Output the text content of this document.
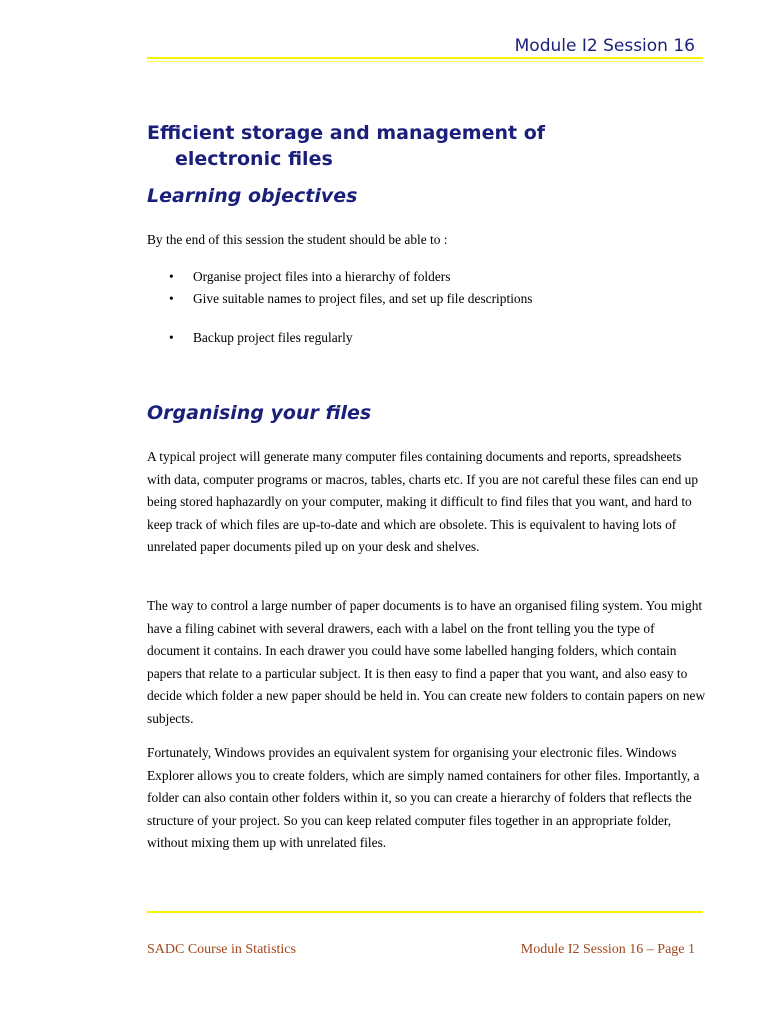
Module I2 Session 16
Efficient storage and management of
electronic files
Learning objectives

By the end of this session the student should be able to :

• Organise project files into a hierarchy of folders
• Give suitable names to project files, and set up file descriptions
• Backup project files regularly
Organising your files

A typical project will generate many computer files containing documents and reports, spreadsheets with data, computer programs or macros, tables, charts etc. If you are not careful these files can end up being stored haphazardly on your computer, making it difficult to find files that you want, and hard to keep track of which files are up-to-date and which are obsolete. This is equivalent to having lots of unrelated paper documents piled up on your desk and shelves.

The way to control a large number of paper documents is to have an organised filing system. You might have a filing cabinet with several drawers, each with a label on the front telling you the type of document it contains. In each drawer you could have some labelled hanging folders, which contain papers that relate to a particular subject. It is then easy to find a paper that you want, and also easy to decide which folder a new paper should be held in. You can create new folders to contain papers on new subjects.

Fortunately, Windows provides an equivalent system for organising your electronic files. Windows Explorer allows you to create folders, which are simply named containers for other files. Importantly, a folder can also contain other folders within it, so you can create a hierarchy of folders that reflects the structure of your project. So you can keep related computer files together in an appropriate folder, without mixing them up with unrelated files.

SADC Course in Statistics	Module I2 Session 16 – Page 1
